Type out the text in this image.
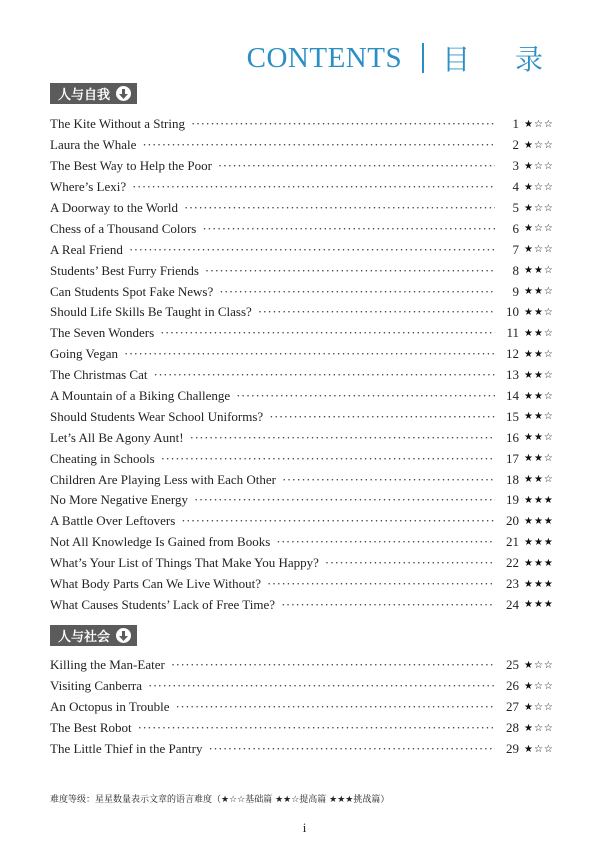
CONTENTS 目 录
人与自我
The Kite Without a String ·····	1 ★☆☆
Laura the Whale ·····	2 ★☆☆
The Best Way to Help the Poor ·····	3 ★☆☆
Where’s Lexi? ·····	4 ★☆☆
A Doorway to the World ·····	5 ★☆☆
Chess of a Thousand Colors ·····	6 ★☆☆
A Real Friend ·····	7 ★☆☆
Students’ Best Furry Friends ·····	8 ★★☆
Can Students Spot Fake News? ·····	9 ★★☆
Should Life Skills Be Taught in Class? ·····	10 ★★☆
The Seven Wonders ·····	11 ★★☆
Going Vegan ·····	12 ★★☆
The Christmas Cat ·····	13 ★★☆
A Mountain of a Biking Challenge ·····	14 ★★☆
Should Students Wear School Uniforms? ·····	15 ★★☆
Let’s All Be Agony Aunt! ·····	16 ★★☆
Cheating in Schools ·····	17 ★★☆
Children Are Playing Less with Each Other ·····	18 ★★☆
No More Negative Energy ·····	19 ★★★
A Battle Over Leftovers ·····	20 ★★★
Not All Knowledge Is Gained from Books ·····	21 ★★★
What’s Your List of Things That Make You Happy? ·····	22 ★★★
What Body Parts Can We Live Without? ·····	23 ★★★
What Causes Students’ Lack of Free Time? ·····	24 ★★★
人与社会
Killing the Man-Eater ·····	25 ★☆☆
Visiting Canberra ·····	26 ★☆☆
An Octopus in Trouble ·····	27 ★☆☆
The Best Robot ·····	28 ★☆☆
The Little Thief in the Pantry ·····	29 ★☆☆
难度等级：星星数量表示文章的语言难度（★☆☆基础篇 ★★☆提高篇 ★★★挑战篇）
i
